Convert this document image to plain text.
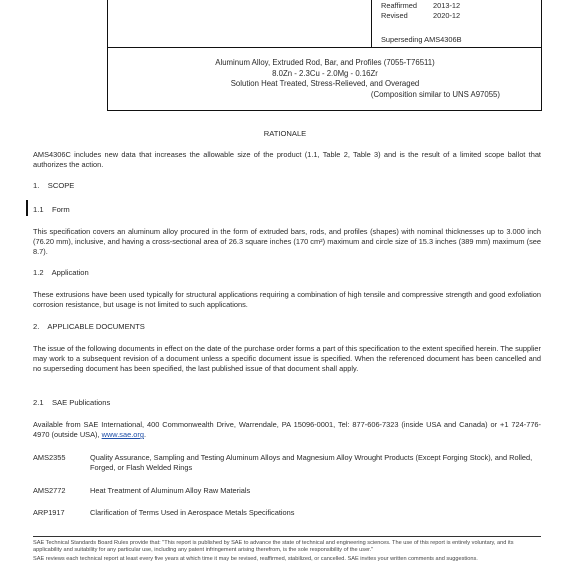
Reaffirmed	2013-12
Revised	2020-12
Superseding AMS4306B
Aluminum Alloy, Extruded Rod, Bar, and Profiles (7055-T76511)
8.0Zn - 2.3Cu - 2.0Mg - 0.16Zr
Solution Heat Treated, Stress-Relieved, and Overaged
(Composition similar to UNS A97055)
RATIONALE
AMS4306C includes new data that increases the allowable size of the product (1.1, Table 2, Table 3) and is the result of a limited scope ballot that authorizes the action.
1.    SCOPE
1.1    Form
This specification covers an aluminum alloy procured in the form of extruded bars, rods, and profiles (shapes) with nominal thicknesses up to 3.000 inch (76.20 mm), inclusive, and having a cross-sectional area of 26.3 square inches (170 cm²) maximum and circle size of 15.3 inches (389 mm) maximum (see 8.7).
1.2    Application
These extrusions have been used typically for structural applications requiring a combination of high tensile and compressive strength and good exfoliation corrosion resistance, but usage is not limited to such applications.
2.    APPLICABLE DOCUMENTS
The issue of the following documents in effect on the date of the purchase order forms a part of this specification to the extent specified herein. The supplier may work to a subsequent revision of a document unless a specific document issue is specified. When the referenced document has been cancelled and no superseding document has been specified, the last published issue of that document shall apply.
2.1    SAE Publications
Available from SAE International, 400 Commonwealth Drive, Warrendale, PA 15096-0001, Tel: 877-606-7323 (inside USA and Canada) or +1 724-776-4970 (outside USA), www.sae.org.
AMS2355	Quality Assurance, Sampling and Testing Aluminum Alloys and Magnesium Alloy Wrought Products (Except Forging Stock), and Rolled, Forged, or Flash Welded Rings
AMS2772	Heat Treatment of Aluminum Alloy Raw Materials
ARP1917	Clarification of Terms Used in Aerospace Metals Specifications
SAE Technical Standards Board Rules provide that: "This report is published by SAE to advance the state of technical and engineering sciences. The use of this report is entirely voluntary, and its applicability and suitability for any particular use, including any patent infringement arising therefrom, is the sole responsibility of the user."
SAE reviews each technical report at least every five years at which time it may be revised, reaffirmed, stabilized, or cancelled. SAE invites your written comments and suggestions.
